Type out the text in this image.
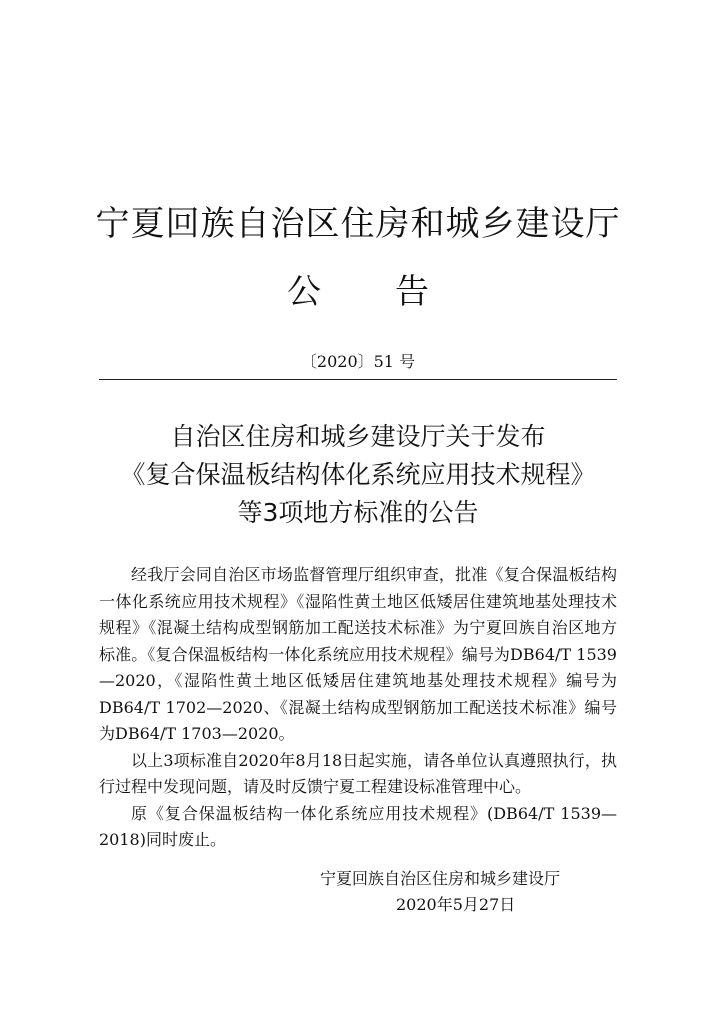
宁夏回族自治区住房和城乡建设厅
公 告
〔2020〕51 号
自治区住房和城乡建设厅关于发布
《复合保温板结构体化系统应用技术规程》
等3项地方标准的公告

经我厅会同自治区市场监督管理厅组织审查，批准《复合保温板结构一体化系统应用技术规程》《湿陷性黄土地区低矮居住建筑地基处理技术规程》《混凝土结构成型钢筋加工配送技术标准》为宁夏回族自治区地方标准。《复合保温板结构一体化系统应用技术规程》编号为DB64/T 1539—2020，《湿陷性黄土地区低矮居住建筑地基处理技术规程》编号为DB64/T 1702—2020、《混凝土结构成型钢筋加工配送技术标准》编号为DB64/T 1703—2020。

以上3项标准自2020年8月18日起实施，请各单位认真遵照执行，执行过程中发现问题，请及时反馈宁夏工程建设标准管理中心。

原《复合保温板结构一体化系统应用技术规程》(DB64/T 1539—2018)同时废止。

宁夏回族自治区住房和城乡建设厅
2020年5月27日
